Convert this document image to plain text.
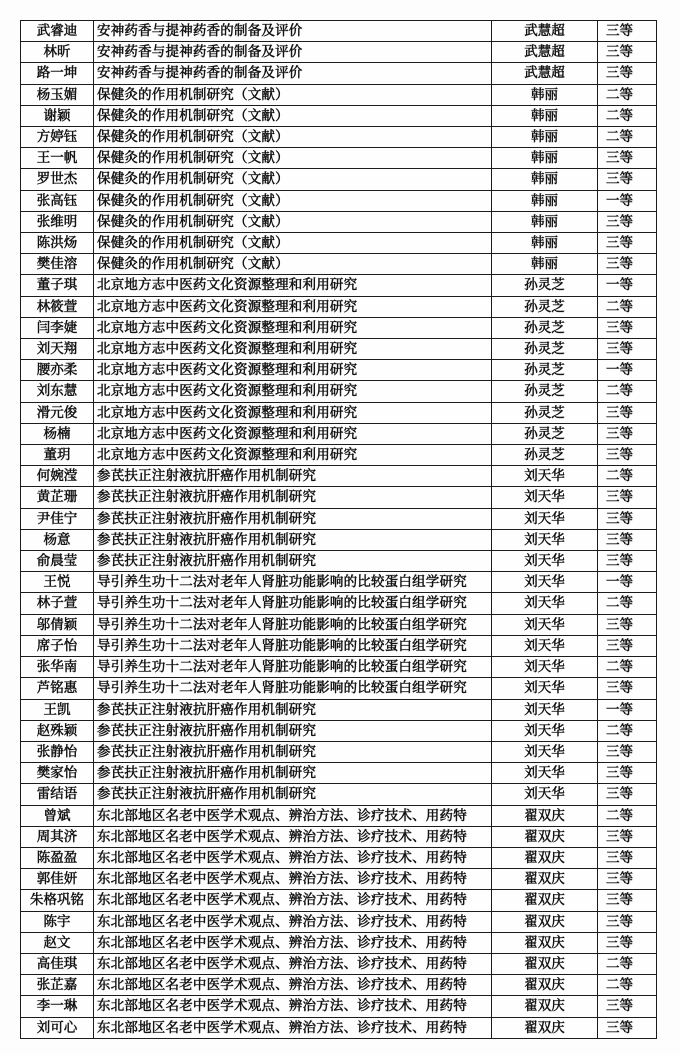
武睿迪	安神药香与提神药香的制备及评价	武慧超	三等
林昕	安神药香与提神药香的制备及评价	武慧超	三等
路一坤	安神药香与提神药香的制备及评价	武慧超	三等
杨玉媚	保健灸的作用机制研究（文献）	韩丽	二等
谢颖	保健灸的作用机制研究（文献）	韩丽	二等
方婷钰	保健灸的作用机制研究（文献）	韩丽	二等
王一帆	保健灸的作用机制研究（文献）	韩丽	三等
罗世杰	保健灸的作用机制研究（文献）	韩丽	三等
张高钰	保健灸的作用机制研究（文献）	韩丽	一等
张维明	保健灸的作用机制研究（文献）	韩丽	三等
陈洪炀	保健灸的作用机制研究（文献）	韩丽	三等
樊佳溶	保健灸的作用机制研究（文献）	韩丽	三等
董子琪	北京地方志中医药文化资源整理和利用研究	孙灵芝	一等
林筱萱	北京地方志中医药文化资源整理和利用研究	孙灵芝	二等
闫李婕	北京地方志中医药文化资源整理和利用研究	孙灵芝	三等
刘天翔	北京地方志中医药文化资源整理和利用研究	孙灵芝	三等
腰亦柔	北京地方志中医药文化资源整理和利用研究	孙灵芝	一等
刘东慧	北京地方志中医药文化资源整理和利用研究	孙灵芝	二等
滑元俊	北京地方志中医药文化资源整理和利用研究	孙灵芝	三等
杨楠	北京地方志中医药文化资源整理和利用研究	孙灵芝	三等
董玥	北京地方志中医药文化资源整理和利用研究	孙灵芝	三等
何婉滢	参芪扶正注射液抗肝癌作用机制研究	刘天华	二等
黄芷珊	参芪扶正注射液抗肝癌作用机制研究	刘天华	三等
尹佳宁	参芪扶正注射液抗肝癌作用机制研究	刘天华	三等
杨意	参芪扶正注射液抗肝癌作用机制研究	刘天华	三等
俞晨莹	参芪扶正注射液抗肝癌作用机制研究	刘天华	三等
王悦	导引养生功十二法对老年人肾脏功能影响的比较蛋白组学研究	刘天华	一等
林子萱	导引养生功十二法对老年人肾脏功能影响的比较蛋白组学研究	刘天华	二等
邬倩颖	导引养生功十二法对老年人肾脏功能影响的比较蛋白组学研究	刘天华	三等
席子怡	导引养生功十二法对老年人肾脏功能影响的比较蛋白组学研究	刘天华	三等
张华南	导引养生功十二法对老年人肾脏功能影响的比较蛋白组学研究	刘天华	二等
芦铭惠	导引养生功十二法对老年人肾脏功能影响的比较蛋白组学研究	刘天华	三等
王凯	参芪扶正注射液抗肝癌作用机制研究	刘天华	一等
赵殊颖	参芪扶正注射液抗肝癌作用机制研究	刘天华	二等
张静怡	参芪扶正注射液抗肝癌作用机制研究	刘天华	三等
樊家怡	参芪扶正注射液抗肝癌作用机制研究	刘天华	三等
雷结语	参芪扶正注射液抗肝癌作用机制研究	刘天华	三等
曾斌	东北部地区名老中医学术观点、辨治方法、诊疗技术、用药特	翟双庆	二等
周其济	东北部地区名老中医学术观点、辨治方法、诊疗技术、用药特	翟双庆	三等
陈盈盈	东北部地区名老中医学术观点、辨治方法、诊疗技术、用药特	翟双庆	三等
郭佳妍	东北部地区名老中医学术观点、辨治方法、诊疗技术、用药特	翟双庆	三等
朱格巩铭	东北部地区名老中医学术观点、辨治方法、诊疗技术、用药特	翟双庆	三等
陈宇	东北部地区名老中医学术观点、辨治方法、诊疗技术、用药特	翟双庆	三等
赵文	东北部地区名老中医学术观点、辨治方法、诊疗技术、用药特	翟双庆	三等
高佳琪	东北部地区名老中医学术观点、辨治方法、诊疗技术、用药特	翟双庆	二等
张芷嘉	东北部地区名老中医学术观点、辨治方法、诊疗技术、用药特	翟双庆	二等
李一琳	东北部地区名老中医学术观点、辨治方法、诊疗技术、用药特	翟双庆	三等
刘可心	东北部地区名老中医学术观点、辨治方法、诊疗技术、用药特	翟双庆	三等
